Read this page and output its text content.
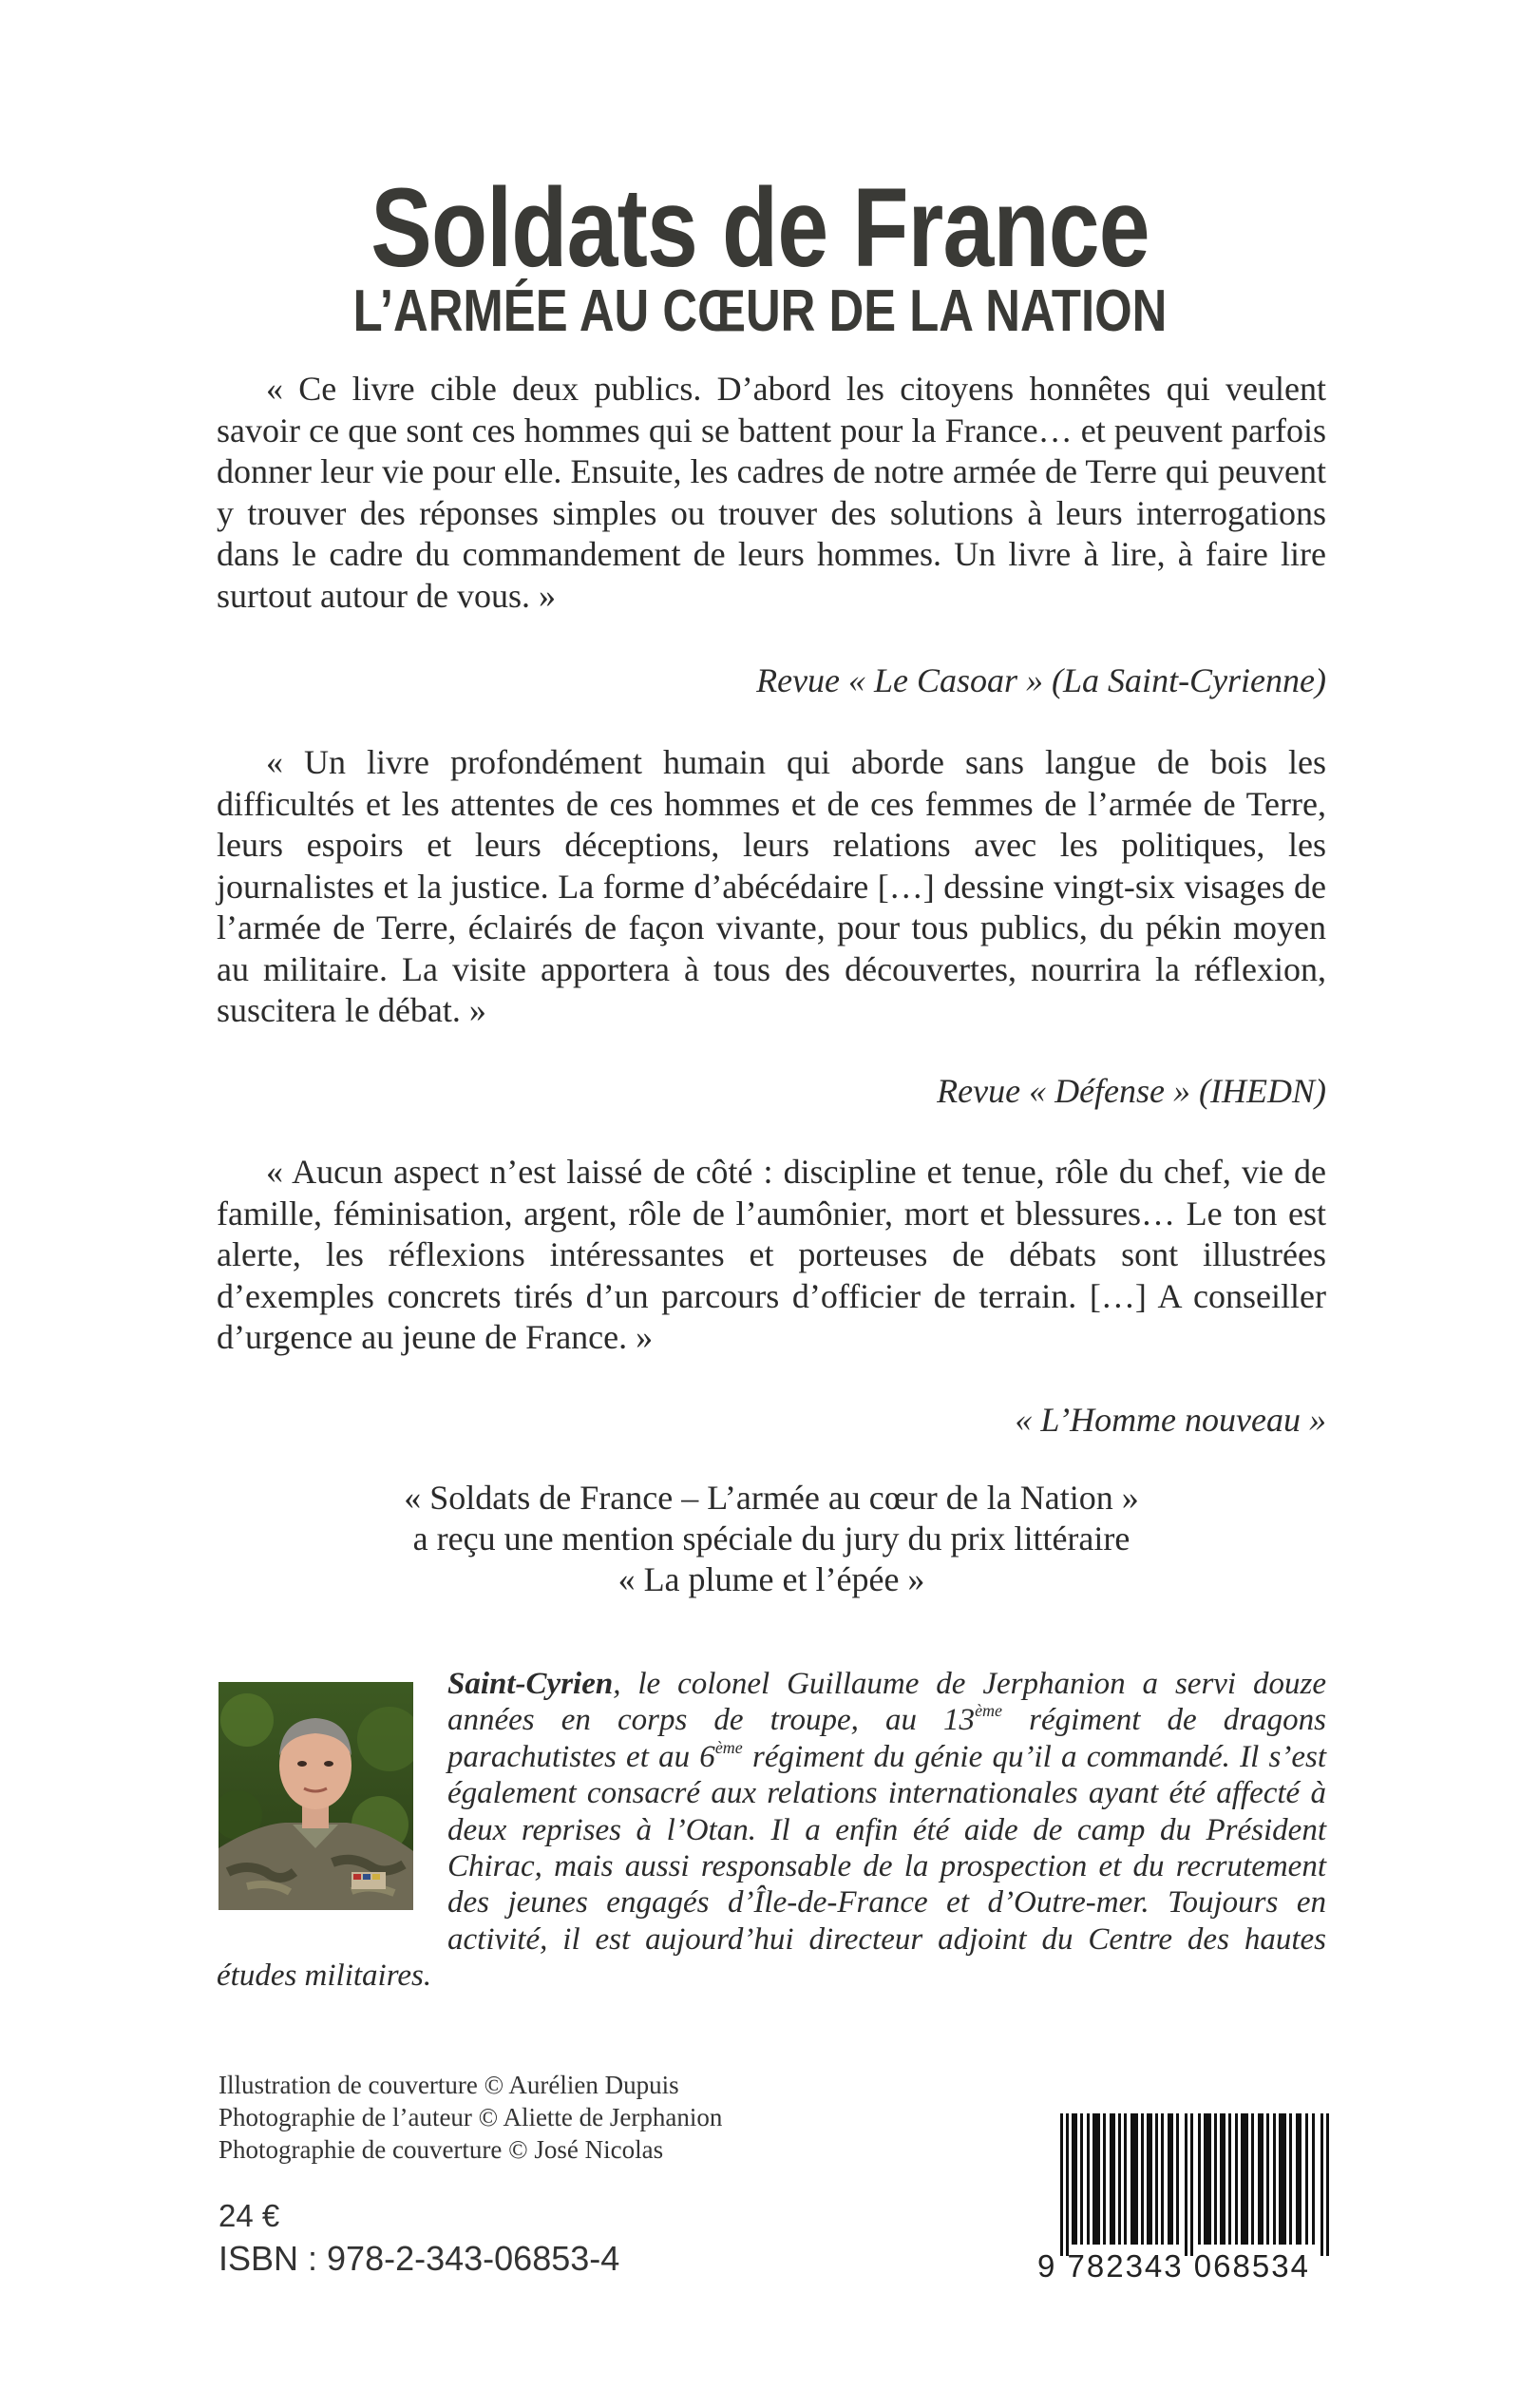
Soldats de France
L’ARMÉE AU CŒUR DE LA NATION

« Ce livre cible deux publics. D’abord les citoyens honnêtes qui veulent savoir ce que sont ces hommes qui se battent pour la France… et peuvent parfois donner leur vie pour elle. Ensuite, les cadres de notre armée de Terre qui peuvent y trouver des réponses simples ou trouver des solutions à leurs interrogations dans le cadre du commandement de leurs hommes. Un livre à lire, à faire lire surtout autour de vous. »

Revue « Le Casoar » (La Saint-Cyrienne)

« Un livre profondément humain qui aborde sans langue de bois les difficultés et les attentes de ces hommes et de ces femmes de l’armée de Terre, leurs espoirs et leurs déceptions, leurs relations avec les politiques, les journalistes et la justice. La forme d’abécédaire […] dessine vingt-six visages de l’armée de Terre, éclairés de façon vivante, pour tous publics, du pékin moyen au militaire. La visite apportera à tous des découvertes, nourrira la réflexion, suscitera le débat. »

Revue « Défense » (IHEDN)

« Aucun aspect n’est laissé de côté : discipline et tenue, rôle du chef, vie de famille, féminisation, argent, rôle de l’aumônier, mort et blessures… Le ton est alerte, les réflexions intéressantes et porteuses de débats sont illustrées d’exemples concrets tirés d’un parcours d’officier de terrain. […] A conseiller d’urgence au jeune de France. »

« L’Homme nouveau »
« Soldats de France – L’armée au cœur de la Nation »
a reçu une mention spéciale du jury du prix littéraire
« La plume et l’épée »

Saint-Cyrien, le colonel Guillaume de Jerphanion a servi douze années en corps de troupe, au 13ème régiment de dragons parachutistes et au 6ème régiment du génie qu’il a commandé. Il s’est également consacré aux relations internationales ayant été affecté à deux reprises à l’Otan. Il a enfin été aide de camp du Président Chirac, mais aussi responsable de la prospection et du recrutement des jeunes engagés d’Île-de-France et d’Outre-mer. Toujours en activité, il est aujourd’hui directeur adjoint du Centre des hautes études militaires.

Illustration de couverture © Aurélien Dupuis
Photographie de l’auteur © Aliette de Jerphanion
Photographie de couverture © José Nicolas
24 €
ISBN : 978-2-343-06853-4	9 782343 068534
